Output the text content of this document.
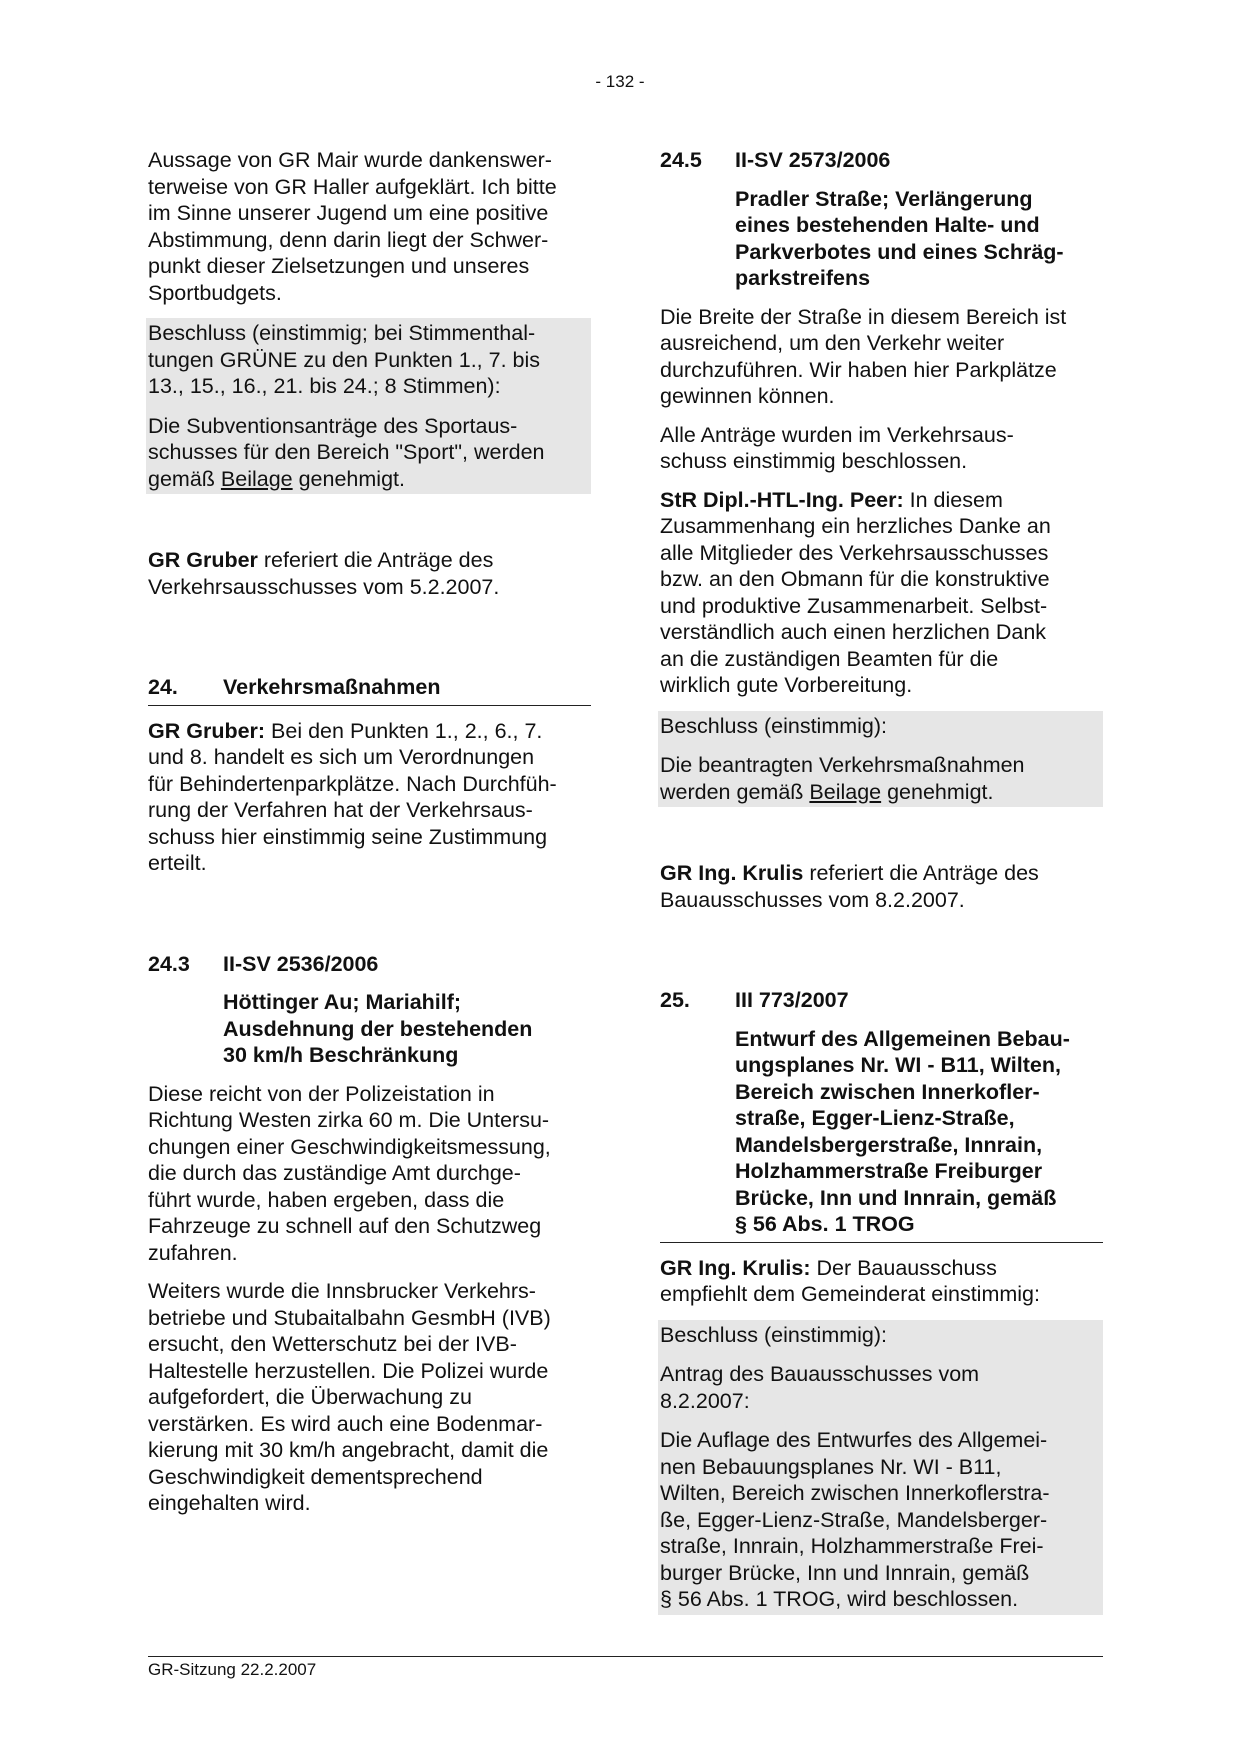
- 132 -

Aussage von GR Mair wurde dankenswer-
terweise von GR Haller aufgeklärt. Ich bitte
im Sinne unserer Jugend um eine positive
Abstimmung, denn darin liegt der Schwer-
punkt dieser Zielsetzungen und unseres
Sportbudgets.

Beschluss (einstimmig; bei Stimmenthal-
tungen GRÜNE zu den Punkten 1., 7. bis
13., 15., 16., 21. bis 24.; 8 Stimmen):

Die Subventionsanträge des Sportaus-
schusses für den Bereich "Sport", werden
gemäß Beilage genehmigt.

GR Gruber referiert die Anträge des
Verkehrsausschusses vom 5.2.2007.

24.	Verkehrsmaßnahmen

GR Gruber: Bei den Punkten 1., 2., 6., 7.
und 8. handelt es sich um Verordnungen
für Behindertenparkplätze. Nach Durchfüh-
rung der Verfahren hat der Verkehrsaus-
schuss hier einstimmig seine Zustimmung
erteilt.

24.3	II-SV 2536/2006

Höttinger Au; Mariahilf;
Ausdehnung der bestehenden
30 km/h Beschränkung

Diese reicht von der Polizeistation in
Richtung Westen zirka 60 m. Die Untersu-
chungen einer Geschwindigkeitsmessung,
die durch das zuständige Amt durchge-
führt wurde, haben ergeben, dass die
Fahrzeuge zu schnell auf den Schutzweg
zufahren.

Weiters wurde die Innsbrucker Verkehrs-
betriebe und Stubaitalbahn GesmbH (IVB)
ersucht, den Wetterschutz bei der IVB-
Haltestelle herzustellen. Die Polizei wurde
aufgefordert, die Überwachung zu
verstärken. Es wird auch eine Bodenmar-
kierung mit 30 km/h angebracht, damit die
Geschwindigkeit dementsprechend
eingehalten wird.

24.5	II-SV 2573/2006

Pradler Straße; Verlängerung
eines bestehenden Halte- und
Parkverbotes und eines Schräg-
parkstreifens

Die Breite der Straße in diesem Bereich ist
ausreichend, um den Verkehr weiter
durchzuführen. Wir haben hier Parkplätze
gewinnen können.

Alle Anträge wurden im Verkehrsaus-
schuss einstimmig beschlossen.

StR Dipl.-HTL-Ing. Peer: In diesem
Zusammenhang ein herzliches Danke an
alle Mitglieder des Verkehrsausschusses
bzw. an den Obmann für die konstruktive
und produktive Zusammenarbeit. Selbst-
verständlich auch einen herzlichen Dank
an die zuständigen Beamten für die
wirklich gute Vorbereitung.

Beschluss (einstimmig):

Die beantragten Verkehrsmaßnahmen
werden gemäß Beilage genehmigt.

GR Ing. Krulis referiert die Anträge des
Bauausschusses vom 8.2.2007.

25.	III 773/2007

Entwurf des Allgemeinen Bebau-
ungsplanes Nr. WI - B11, Wilten,
Bereich zwischen Innerkofler-
straße, Egger-Lienz-Straße,
Mandelsbergerstraße, Innrain,
Holzhammerstraße Freiburger
Brücke, Inn und Innrain, gemäß
§ 56 Abs. 1 TROG

GR Ing. Krulis: Der Bauausschuss
empfiehlt dem Gemeinderat einstimmig:

Beschluss (einstimmig):

Antrag des Bauausschusses vom
8.2.2007:

Die Auflage des Entwurfes des Allgemei-
nen Bebauungsplanes Nr. WI - B11,
Wilten, Bereich zwischen Innerkoflerstra-
ße, Egger-Lienz-Straße, Mandelsberger-
straße, Innrain, Holzhammerstraße Frei-
burger Brücke, Inn und Innrain, gemäß
§ 56 Abs. 1 TROG, wird beschlossen.

GR-Sitzung 22.2.2007
